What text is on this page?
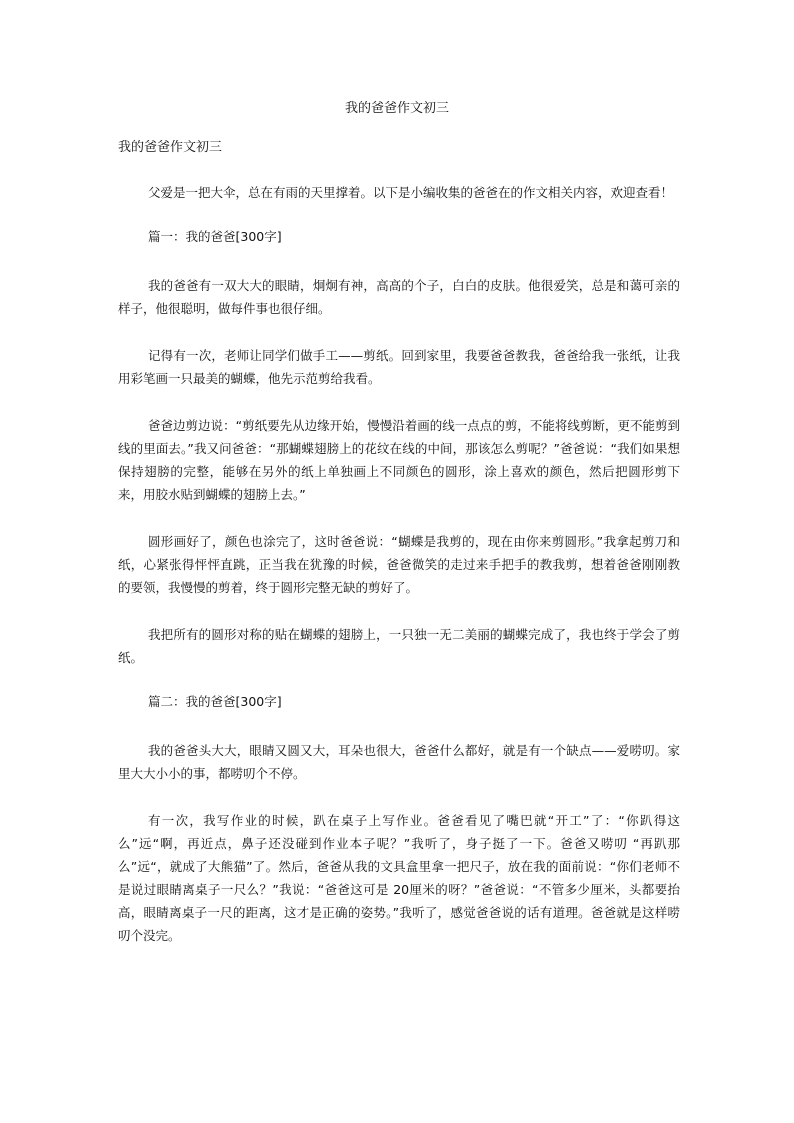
我的爸爸作文初三
我的爸爸作文初三

父爱是一把大伞，总在有雨的天里撑着。以下是小编收集的爸爸在的作文相关内容，欢迎查看！

篇一：我的爸爸[300字]

我的爸爸有一双大大的眼睛，炯炯有神，高高的个子，白白的皮肤。他很爱笑，总是和蔼可亲的样子，他很聪明，做每件事也很仔细。

记得有一次，老师让同学们做手工——剪纸。回到家里，我要爸爸教我，爸爸给我一张纸，让我用彩笔画一只最美的蝴蝶，他先示范剪给我看。

爸爸边剪边说：“剪纸要先从边缘开始，慢慢沿着画的线一点点的剪，不能将线剪断，更不能剪到线的里面去。”我又问爸爸：“那蝴蝶翅膀上的花纹在线的中间，那该怎么剪呢？”爸爸说：“我们如果想保持翅膀的完整，能够在另外的纸上单独画上不同颜色的圆形，涂上喜欢的颜色，然后把圆形剪下来，用胶水贴到蝴蝶的翅膀上去。”

圆形画好了，颜色也涂完了，这时爸爸说：“蝴蝶是我剪的，现在由你来剪圆形。”我拿起剪刀和纸，心紧张得怦怦直跳，正当我在犹豫的时候，爸爸微笑的走过来手把手的教我剪，想着爸爸刚刚教的要领，我慢慢的剪着，终于圆形完整无缺的剪好了。

我把所有的圆形对称的贴在蝴蝶的翅膀上，一只独一无二美丽的蝴蝶完成了，我也终于学会了剪纸。

篇二：我的爸爸[300字]

我的爸爸头大大，眼睛又圆又大，耳朵也很大，爸爸什么都好，就是有一个缺点——爱唠叨。家里大大小小的事，都唠叨个不停。

有一次，我写作业的时候，趴在桌子上写作业。爸爸看见了嘴巴就“开工”了：“你趴得这么”远“啊，再近点，鼻子还没碰到作业本子呢？”我听了，身子挺了一下。爸爸又唠叨 “再趴那么”远“，就成了大熊猫”了。然后，爸爸从我的文具盒里拿一把尺子，放在我的面前说：“你们老师不是说过眼睛离桌子一尺么？”我说：“爸爸这可是 20厘米的呀？”爸爸说：“不管多少厘米，头都要抬高，眼睛离桌子一尺的距离，这才是正确的姿势。”我听了，感觉爸爸说的话有道理。爸爸就是这样唠叨个没完。
